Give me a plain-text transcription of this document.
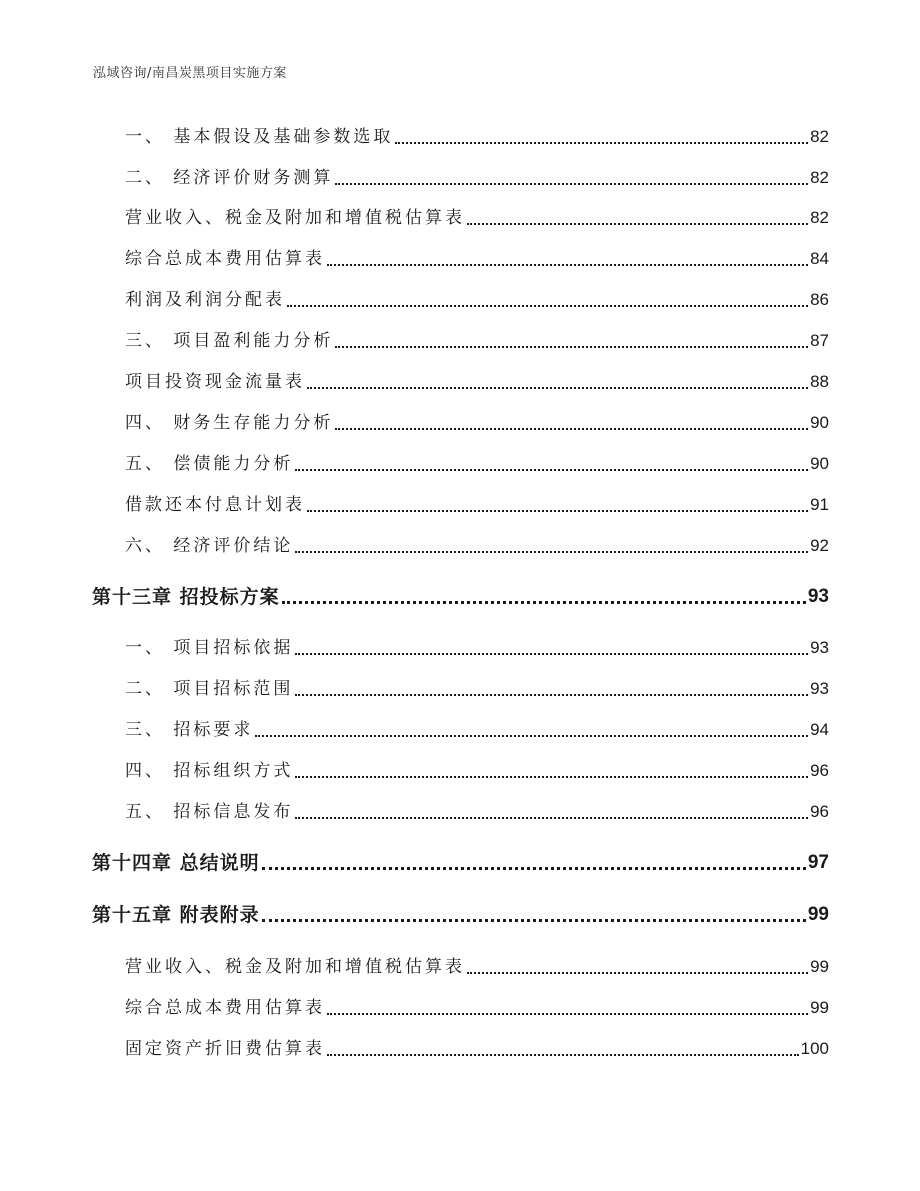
泓域咨询/南昌炭黑项目实施方案
一、 基本假设及基础参数选取	82
二、 经济评价财务测算	82
营业收入、税金及附加和增值税估算表	82
综合总成本费用估算表	84
利润及利润分配表	86
三、 项目盈利能力分析	87
项目投资现金流量表	88
四、 财务生存能力分析	90
五、 偿债能力分析	90
借款还本付息计划表	91
六、 经济评价结论	92
第十三章 招投标方案	93
一、 项目招标依据	93
二、 项目招标范围	93
三、 招标要求	94
四、 招标组织方式	96
五、 招标信息发布	96
第十四章 总结说明	97
第十五章 附表附录	99
营业收入、税金及附加和增值税估算表	99
综合总成本费用估算表	99
固定资产折旧费估算表	100
